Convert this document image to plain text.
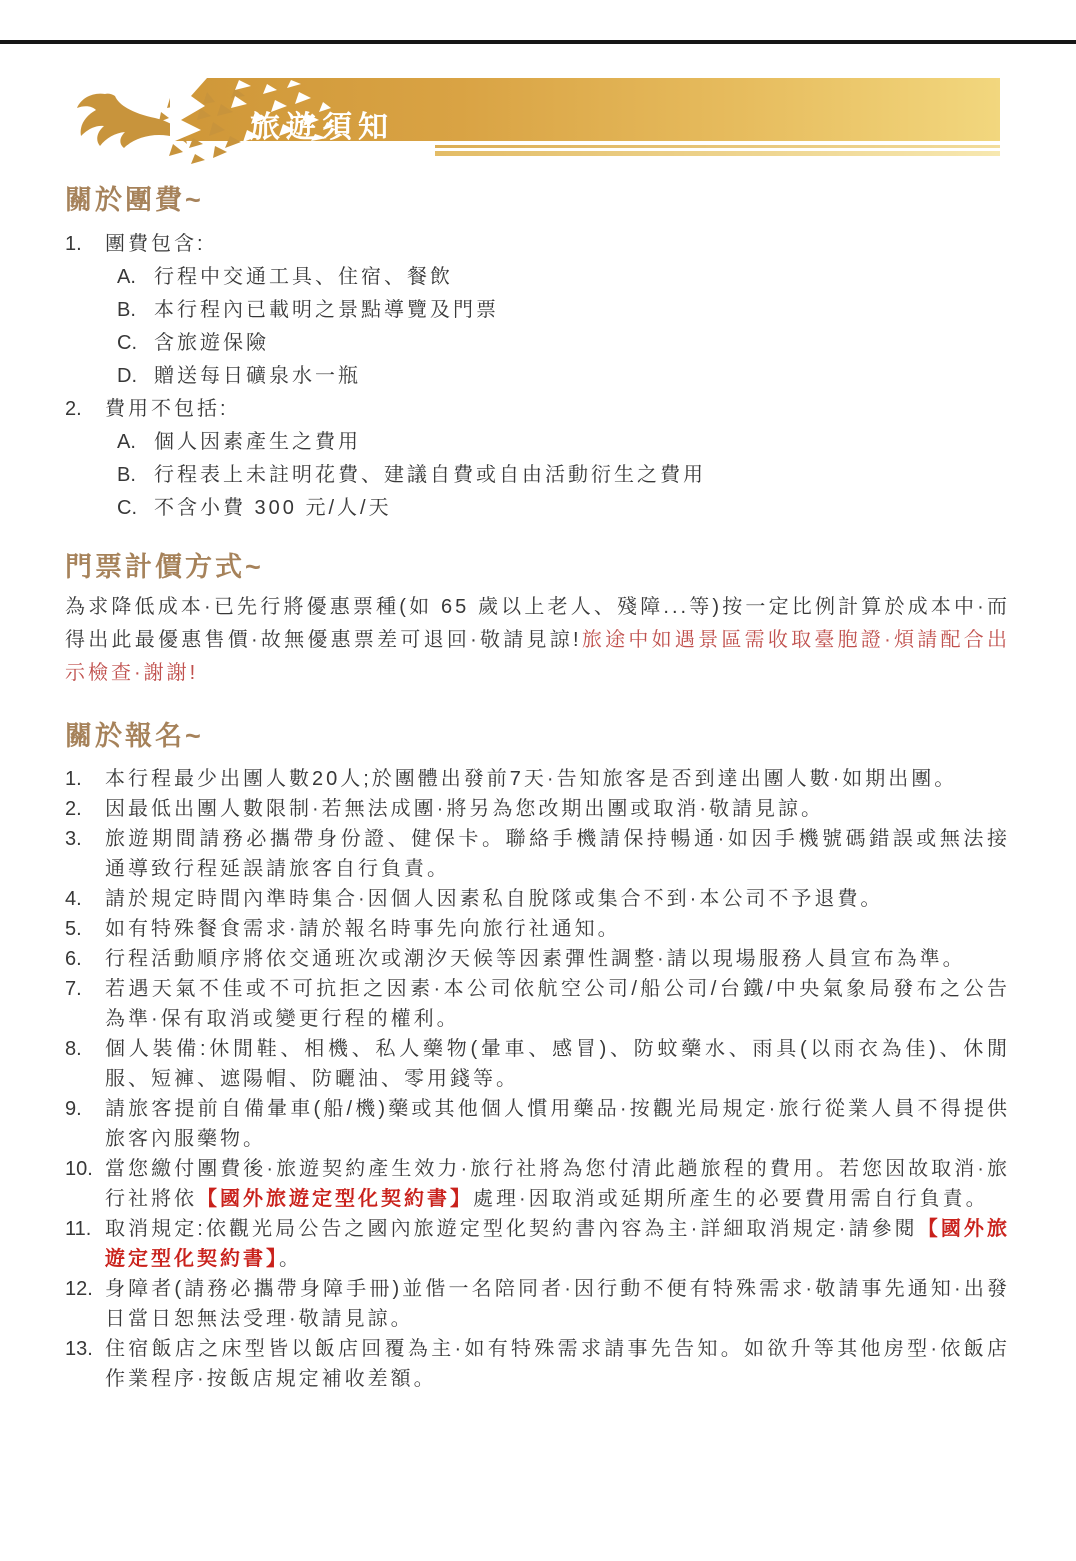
旅遊須知
關於團費~
1.	團費包含:
A. 行程中交通工具、住宿、餐飲
B. 本行程內已載明之景點導覽及門票
C. 含旅遊保險
D. 贈送每日礦泉水一瓶
2.	費用不包括:
A. 個人因素產生之費用
B. 行程表上未註明花費、建議自費或自由活動衍生之費用
C. 不含小費 300 元/人/天
門票計價方式~

為求降低成本·已先行將優惠票種(如 65 歲以上老人、殘障...等)按一定比例計算於成本中·而得出此最優惠售價·故無優惠票差可退回·敬請見諒!旅途中如遇景區需收取臺胞證·煩請配合出示檢查·謝謝!

關於報名~
1.	本行程最少出團人數20人;於團體出發前7天·告知旅客是否到達出團人數·如期出團。
2.	因最低出團人數限制·若無法成團·將另為您改期出團或取消·敬請見諒。
3.	旅遊期間請務必攜帶身份證、健保卡。聯絡手機請保持暢通·如因手機號碼錯誤或無法接通導致行程延誤請旅客自行負責。
4.	請於規定時間內準時集合·因個人因素私自脫隊或集合不到·本公司不予退費。
5.	如有特殊餐食需求·請於報名時事先向旅行社通知。
6.	行程活動順序將依交通班次或潮汐天候等因素彈性調整·請以現場服務人員宣布為準。
7.	若遇天氣不佳或不可抗拒之因素·本公司依航空公司/船公司/台鐵/中央氣象局發布之公告為準·保有取消或變更行程的權利。
8.	個人裝備:休閒鞋、相機、私人藥物(暈車、感冒)、防蚊藥水、雨具(以雨衣為佳)、休閒服、短褲、遮陽帽、防曬油、零用錢等。
9.	請旅客提前自備暈車(船/機)藥或其他個人慣用藥品·按觀光局規定·旅行從業人員不得提供旅客內服藥物。
10. 當您繳付團費後·旅遊契約產生效力·旅行社將為您付清此趟旅程的費用。若您因故取消·旅行社將依【國外旅遊定型化契約書】處理·因取消或延期所產生的必要費用需自行負責。
11. 取消規定:依觀光局公告之國內旅遊定型化契約書內容為主·詳細取消規定·請參閱【國外旅遊定型化契約書】。
12. 身障者(請務必攜帶身障手冊)並偕一名陪同者·因行動不便有特殊需求·敬請事先通知·出發日當日恕無法受理·敬請見諒。
13. 住宿飯店之床型皆以飯店回覆為主·如有特殊需求請事先告知。如欲升等其他房型·依飯店作業程序·按飯店規定補收差額。
